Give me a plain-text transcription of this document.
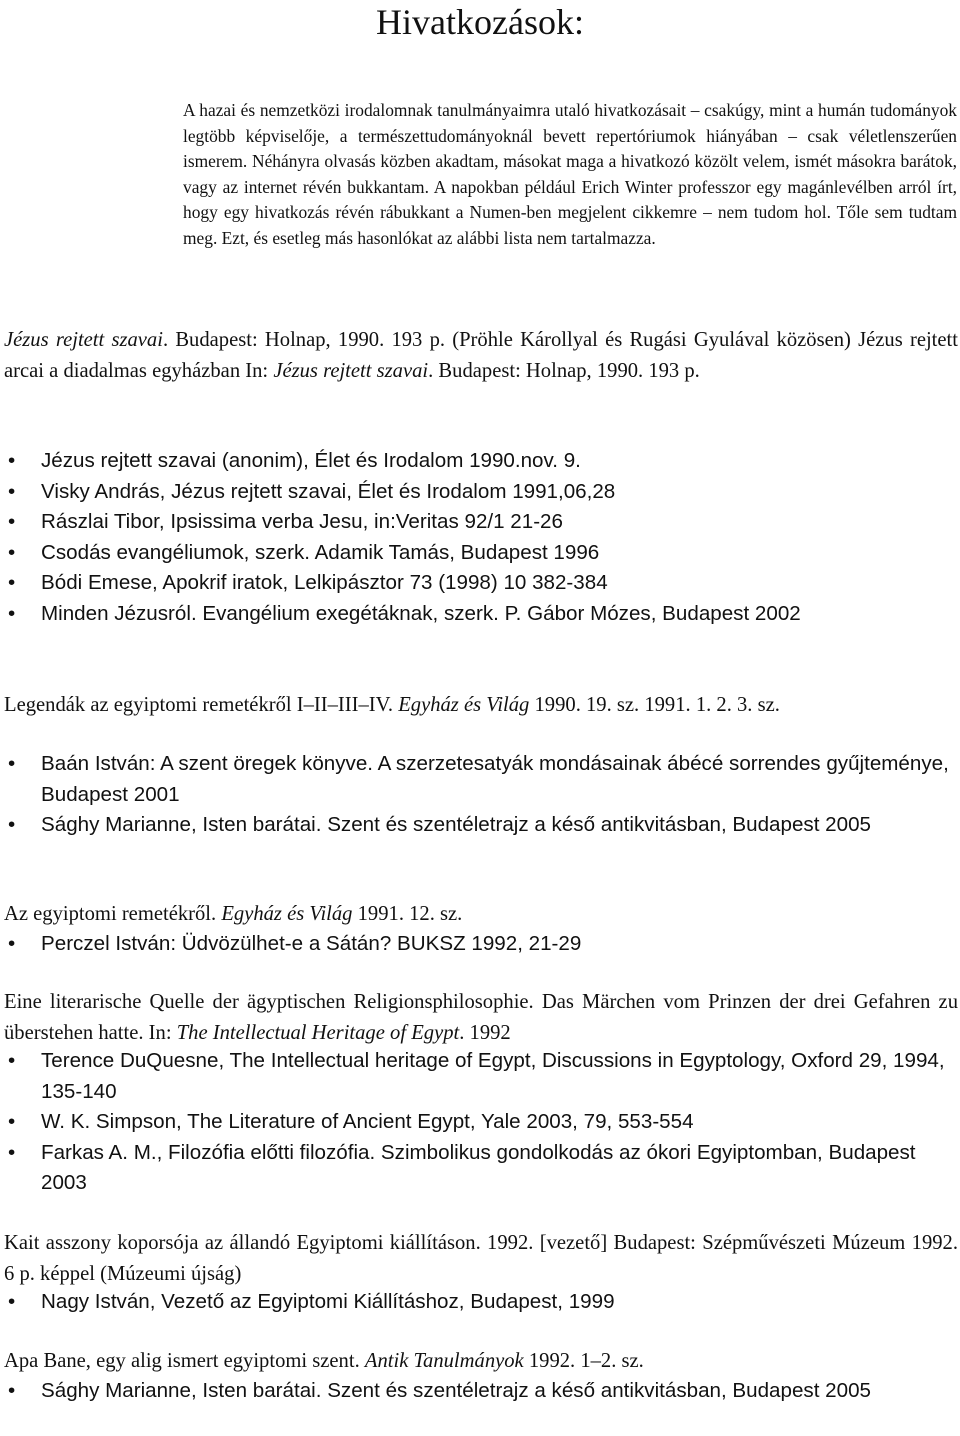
Hivatkozások:

A hazai és nemzetközi irodalomnak tanulmányaimra utaló hivatkozásait – csakúgy, mint a humán tudományok legtöbb képviselője, a természettudományoknál bevett repertóriumok hiányában – csak véletlenszerűen ismerem. Néhányra olvasás közben akadtam, másokat maga a hivatkozó közölt velem, ismét másokra barátok, vagy az internet révén bukkantam. A napokban például Erich Winter professzor egy magánlevélben arról írt, hogy egy hivatkozás révén rábukkant a Numen-ben megjelent cikkemre – nem tudom hol. Tőle sem tudtam meg. Ezt, és esetleg más hasonlókat az alábbi lista nem tartalmazza.

Jézus rejtett szavai. Budapest: Holnap, 1990. 193 p. (Pröhle Károllyal és Rugási Gyulával közösen) Jézus rejtett arcai a diadalmas egyházban In: Jézus rejtett szavai. Budapest: Holnap, 1990. 193 p.

• Jézus rejtett szavai (anonim), Élet és Irodalom 1990.nov. 9.
• Visky András, Jézus rejtett szavai, Élet és Irodalom 1991,06,28
• Rászlai Tibor, Ipsissima verba Jesu, in:Veritas 92/1 21-26
• Csodás evangéliumok, szerk. Adamik Tamás, Budapest 1996
• Bódi Emese, Apokrif iratok, Lelkipásztor 73 (1998) 10 382-384
• Minden Jézusról. Evangélium exegétáknak, szerk. P. Gábor Mózes, Budapest 2002

Legendák az egyiptomi remetékről I–II–III–IV. Egyház és Világ 1990. 19. sz. 1991. 1. 2. 3. sz.

• Baán István: A szent öregek könyve. A szerzetesatyák mondásainak ábécé sorrendes gyűjteménye, Budapest 2001
• Sághy Marianne, Isten barátai. Szent és szentéletrajz a késő antikvitásban, Budapest 2005

Az egyiptomi remetékről. Egyház és Világ 1991. 12. sz.

• Perczel István: Üdvözülhet-e a Sátán? BUKSZ 1992, 21-29

Eine literarische Quelle der ägyptischen Religionsphilosophie. Das Märchen vom Prinzen der drei Gefahren zu überstehen hatte. In: The Intellectual Heritage of Egypt. 1992

• Terence DuQuesne, The Intellectual heritage of Egypt, Discussions in Egyptology, Oxford 29, 1994, 135-140
• W. K. Simpson, The Literature of Ancient Egypt, Yale 2003, 79, 553-554
• Farkas A. M., Filozófia előtti filozófia. Szimbolikus gondolkodás az ókori Egyiptomban, Budapest 2003

Kait asszony koporsója az állandó Egyiptomi kiállításon. 1992. [vezető] Budapest: Szépművészeti Múzeum 1992. 6 p. képpel (Múzeumi újság)

• Nagy István, Vezető az Egyiptomi Kiállításhoz, Budapest, 1999

Apa Bane, egy alig ismert egyiptomi szent. Antik Tanulmányok 1992. 1–2. sz.

• Sághy Marianne, Isten barátai. Szent és szentéletrajz a késő antikvitásban, Budapest 2005
